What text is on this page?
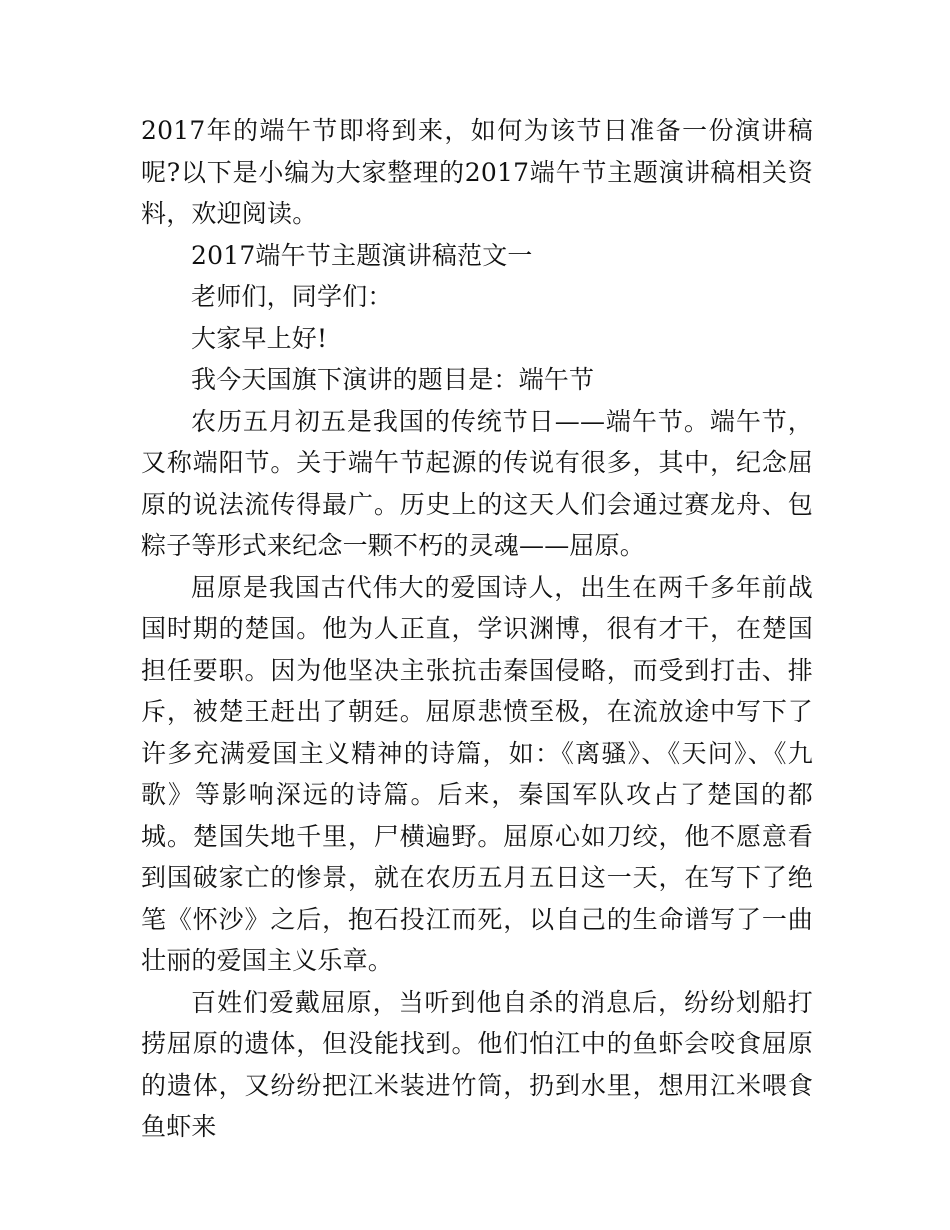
2017年的端午节即将到来，如何为该节日准备一份演讲稿呢?以下是小编为大家整理的2017端午节主题演讲稿相关资料，欢迎阅读。

2017端午节主题演讲稿范文一

老师们，同学们：

大家早上好!

我今天国旗下演讲的题目是：端午节

农历五月初五是我国的传统节日——端午节。端午节，又称端阳节。关于端午节起源的传说有很多，其中，纪念屈原的说法流传得最广。历史上的这天人们会通过赛龙舟、包粽子等形式来纪念一颗不朽的灵魂——屈原。

屈原是我国古代伟大的爱国诗人，出生在两千多年前战国时期的楚国。他为人正直，学识渊博，很有才干，在楚国担任要职。因为他坚决主张抗击秦国侵略，而受到打击、排斥，被楚王赶出了朝廷。屈原悲愤至极，在流放途中写下了许多充满爱国主义精神的诗篇，如：《离骚》、《天问》、《九歌》等影响深远的诗篇。后来，秦国军队攻占了楚国的都城。楚国失地千里，尸横遍野。屈原心如刀绞，他不愿意看到国破家亡的惨景，就在农历五月五日这一天，在写下了绝笔《怀沙》之后，抱石投江而死，以自己的生命谱写了一曲壮丽的爱国主义乐章。

百姓们爱戴屈原，当听到他自杀的消息后，纷纷划船打捞屈原的遗体，但没能找到。他们怕江中的鱼虾会咬食屈原的遗体，又纷纷把江米装进竹筒，扔到水里，想用江米喂食鱼虾来
